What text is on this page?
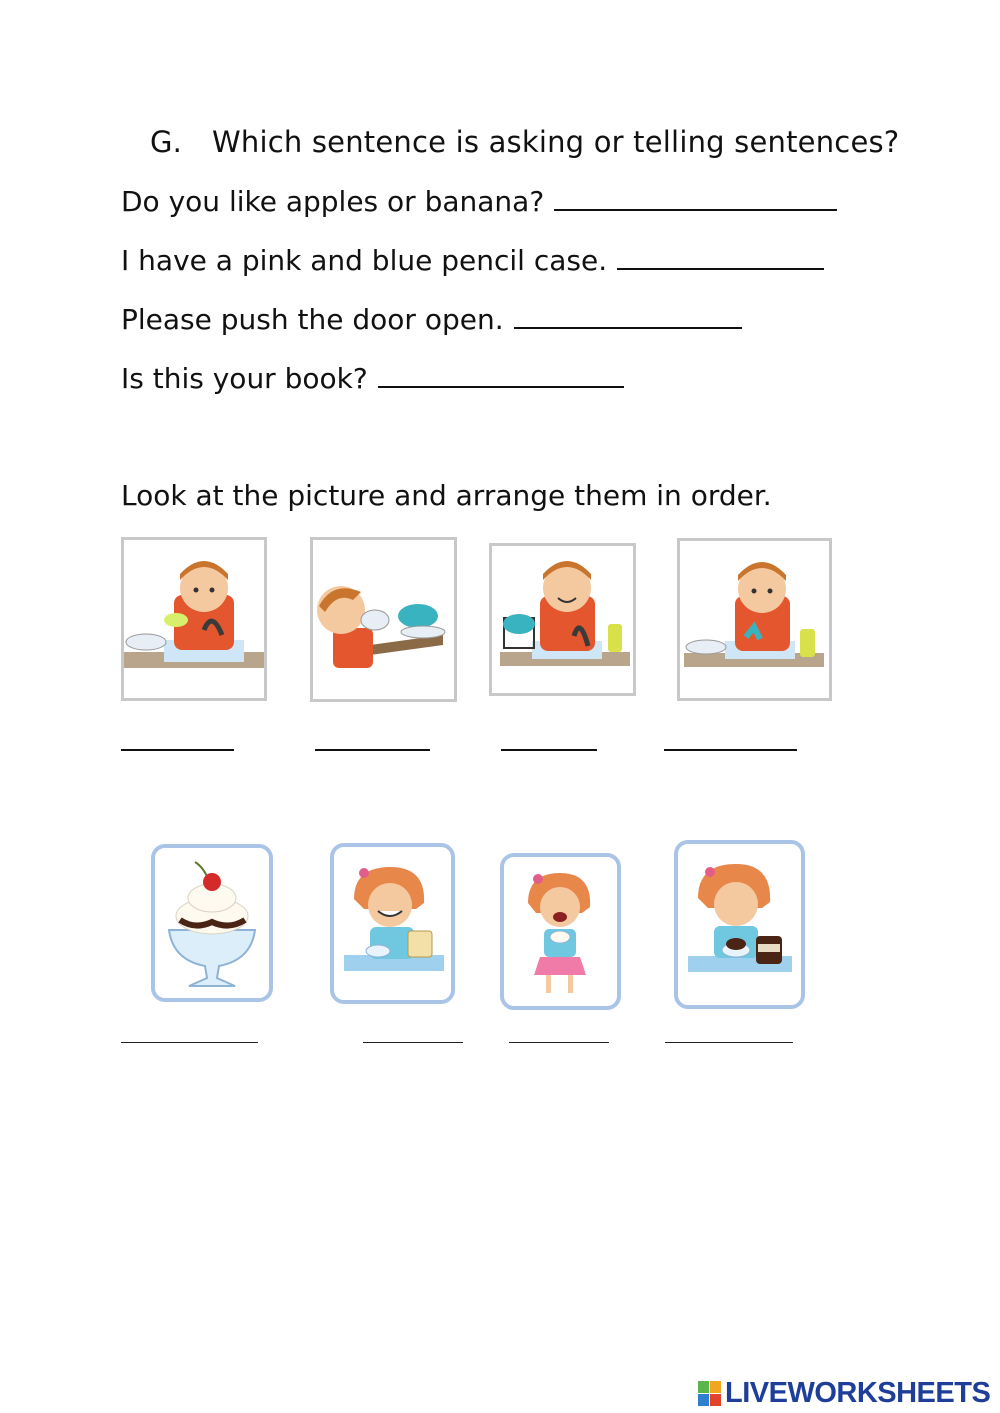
G. Which sentence is asking or telling sentences?
Do you like apples or banana?
I have a pink and blue pencil case.
Please push the door open.
Is this your book?
Look at the picture and arrange them in order.
LIVEWORKSHEETS
